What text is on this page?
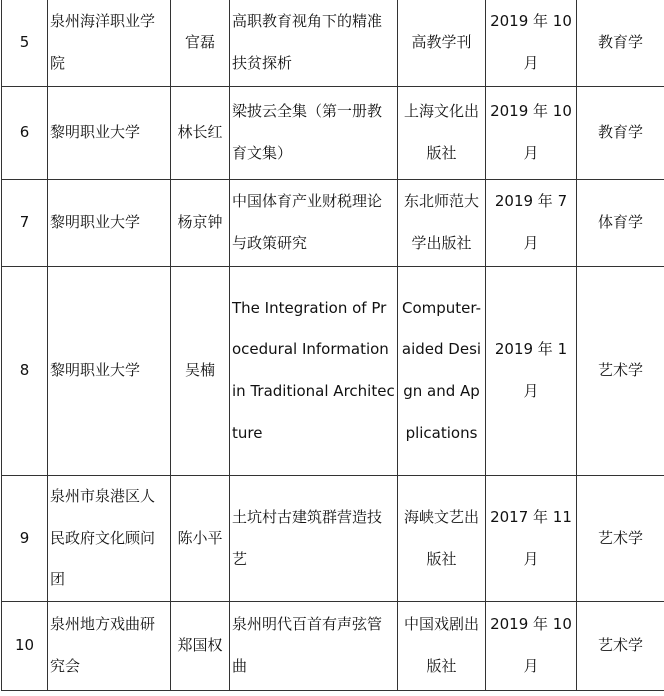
5	泉州海洋职业学院	官磊	高职教育视角下的精准扶贫探析	高教学刊	2019 年 10 月	教育学
6	黎明职业大学	林长红	梁披云全集（第一册教育文集）	上海文化出版社	2019 年 10 月	教育学
7	黎明职业大学	杨京钟	中国体育产业财税理论与政策研究	东北师范大学出版社	2019 年 7 月	体育学
8	黎明职业大学	吴楠	The Integration of Procedural Information in Traditional Architecture	Computer-aided Design and Applications	2019 年 1 月	艺术学
9	泉州市泉港区人民政府文化顾问团	陈小平	土坑村古建筑群营造技艺	海峡文艺出版社	2017 年 11 月	艺术学
10	泉州地方戏曲研究会	郑国权	泉州明代百首有声弦管曲	中国戏剧出版社	2019 年 10 月	艺术学
